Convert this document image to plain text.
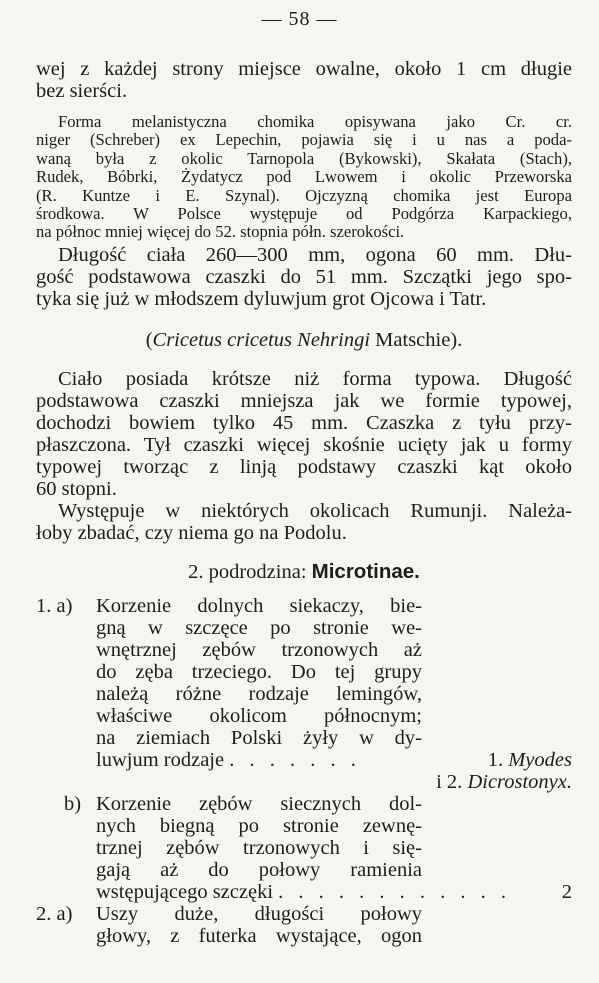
— 58 —
wej z każdej strony miejsce owalne, około 1 cm długie
bez sierści.
Forma melanistyczna chomika opisywana jako Cr. cr.
niger (Schreber) ex Lepechin, pojawia się i u nas a poda-
waną była z okolic Tarnopola (Bykowski), Skałata (Stach),
Rudek, Bóbrki, Żydatycz pod Lwowem i okolic Przeworska
(R. Kuntze i E. Szynal). Ojczyzną chomika jest Europa
środkowa. W Polsce występuje od Podgórza Karpackiego,
na północ mniej więcej do 52. stopnia półn. szerokości.
Długość ciała 260—300 mm, ogona 60 mm. Dłu-
gość podstawowa czaszki do 51 mm. Szczątki jego spo-
tyka się już w młodszem dyluwjum grot Ojcowa i Tatr.
(Cricetus cricetus Nehringi Matschie).
Ciało posiada krótsze niż forma typowa. Długość
podstawowa czaszki mniejsza jak we formie typowej,
dochodzi bowiem tylko 45 mm. Czaszka z tyłu przy-
płaszczona. Tył czaszki więcej skośnie ucięty jak u formy
typowej tworząc z linją podstawy czaszki kąt około
60 stopni.
Występuje w niektórych okolicach Rumunji. Należa-
łoby zbadać, czy niema go na Podolu.
2. podrodzina: Microtinae.
1. a) Korzenie dolnych siekaczy, bie-
gną w szczęce po stronie we-
wnętrznej zębów trzonowych aż
do zęba trzeciego. Do tej grupy
należą różne rodzaje lemingów,
właściwe okolicom północnym;
na ziemiach Polski żyły w dy-
luwjum rodzaje . . . . . . .	1. Myodes
i 2. Dicrostonyx.
b) Korzenie zębów siecznych dol-
nych biegną po stronie zewnę-
trznej zębów trzonowych i się-
gają aż do połowy ramienia
wstępującego szczęki . . . . . . . . . . . .	2
2. a) Uszy duże, długości połowy
głowy, z futerka wystające, ogon
